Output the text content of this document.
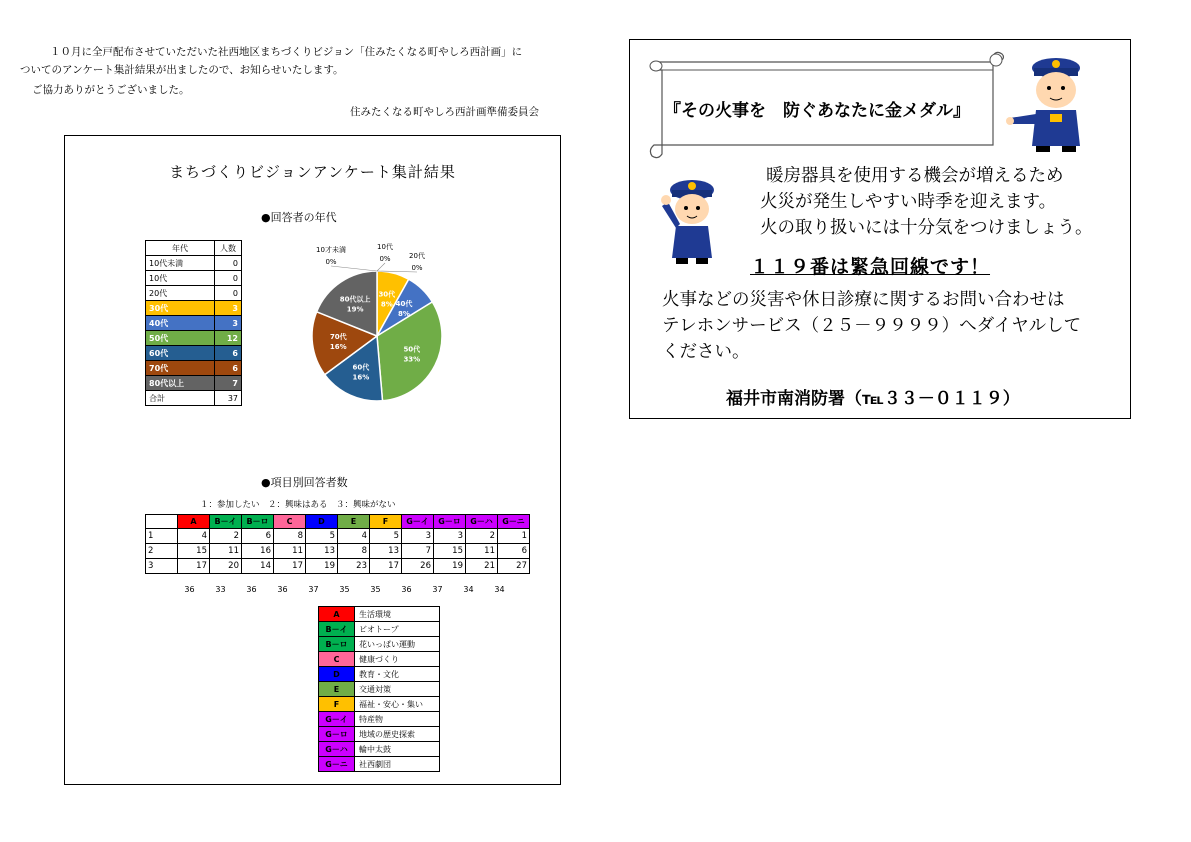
１０月に全戸配布させていただいた社西地区まちづくりビジョン「住みたくなる町やしろ西計画」に

ついてのアンケート集計結果が出ましたので、お知らせいたします。

ご協力ありがとうございました。

住みたくなる町やしろ西計画準備委員会
まちづくりビジョンアンケート集計結果
●回答者の年代
年代	人数
10代未満	0
10代	0
20代	0
30代	3
40代	3
50代	12
60代	6
70代	6
80代以上	7
合計	37
30代
8% 40代
8%
50代
33%
60代
16%
70代
16%
80代以上
19%
10才未満
0%
10代
0%	20代
0%
●項目別回答者数
１：参加したい　２：興味はある　３：興味がない
	A	B－イ	B－ロ	C	D	E	F	G－イ	G－ロ	G－ハ	G－ニ
1	4	2	6	8	5	4	5	3	3	2	1
2	15	11	16	11	13	8	13	7	15	11	6
3	17	20	14	17	19	23	17	26	19	21	27
36	33	36	36	37	35	35	36	37	34	34
A	生活環境
B－イ	ビオトープ
B－ロ	花いっぱい運動
C	健康づくり
D	教育・文化
E	交通対策
F	福祉・安心・集い
G－イ	特産物
G－ロ	地域の歴史探索
G－ハ	輪中太鼓
G－ニ	社西劇団
『その火事を　防ぐあなたに金メダル』
暖房器具を使用する機会が増えるため
火災が発生しやすい時季を迎えます。
火の取り扱いには十分気をつけましょう。
１１９番は緊急回線です！
火事などの災害や休日診療に関するお問い合わせは
テレホンサービス（２５－９９９９）へダイヤルして
ください。
福井市南消防署（℡３３－０１１９）
